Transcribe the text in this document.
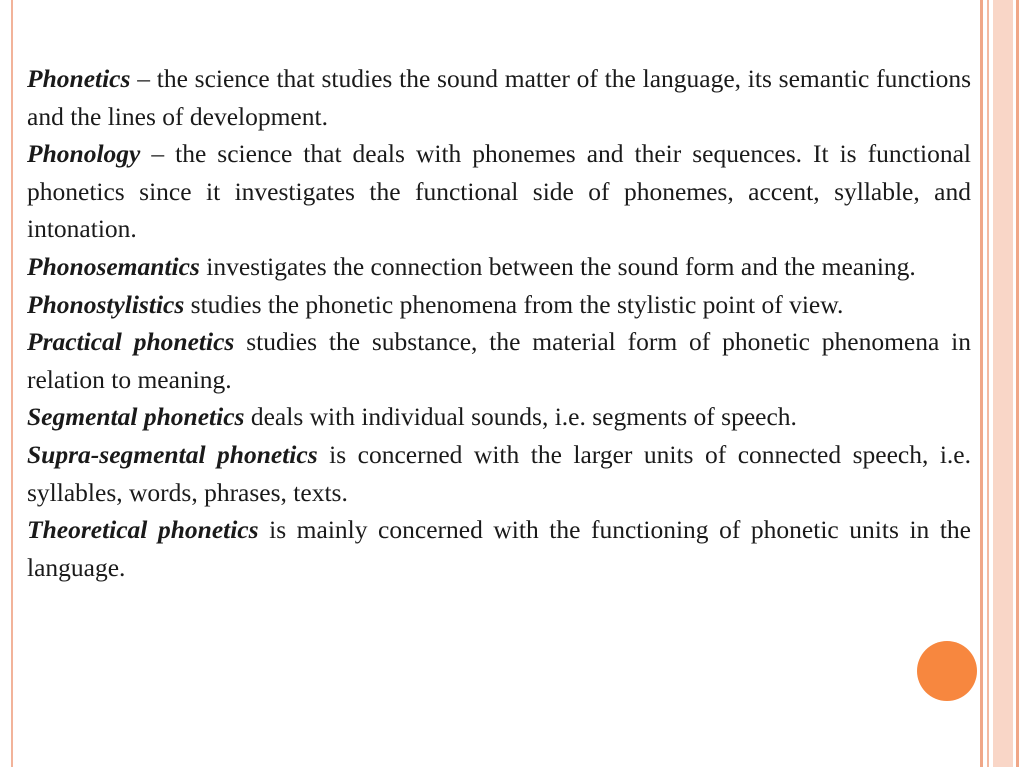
Phonetics – the science that studies the sound matter of the language, its semantic functions and the lines of development.

Phonology – the science that deals with phonemes and their sequences. It is functional phonetics since it investigates the functional side of phonemes, accent, syllable, and intonation.

Phonosemantics investigates the connection between the sound form and the meaning.

Phonostylistics studies the phonetic phenomena from the stylistic point of view.

Practical phonetics studies the substance, the material form of phonetic phenomena in relation to meaning.

Segmental phonetics deals with individual sounds, i.e. segments of speech.

Supra-segmental phonetics is concerned with the larger units of connected speech, i.e. syllables, words, phrases, texts.

Theoretical phonetics is mainly concerned with the functioning of phonetic units in the language.
